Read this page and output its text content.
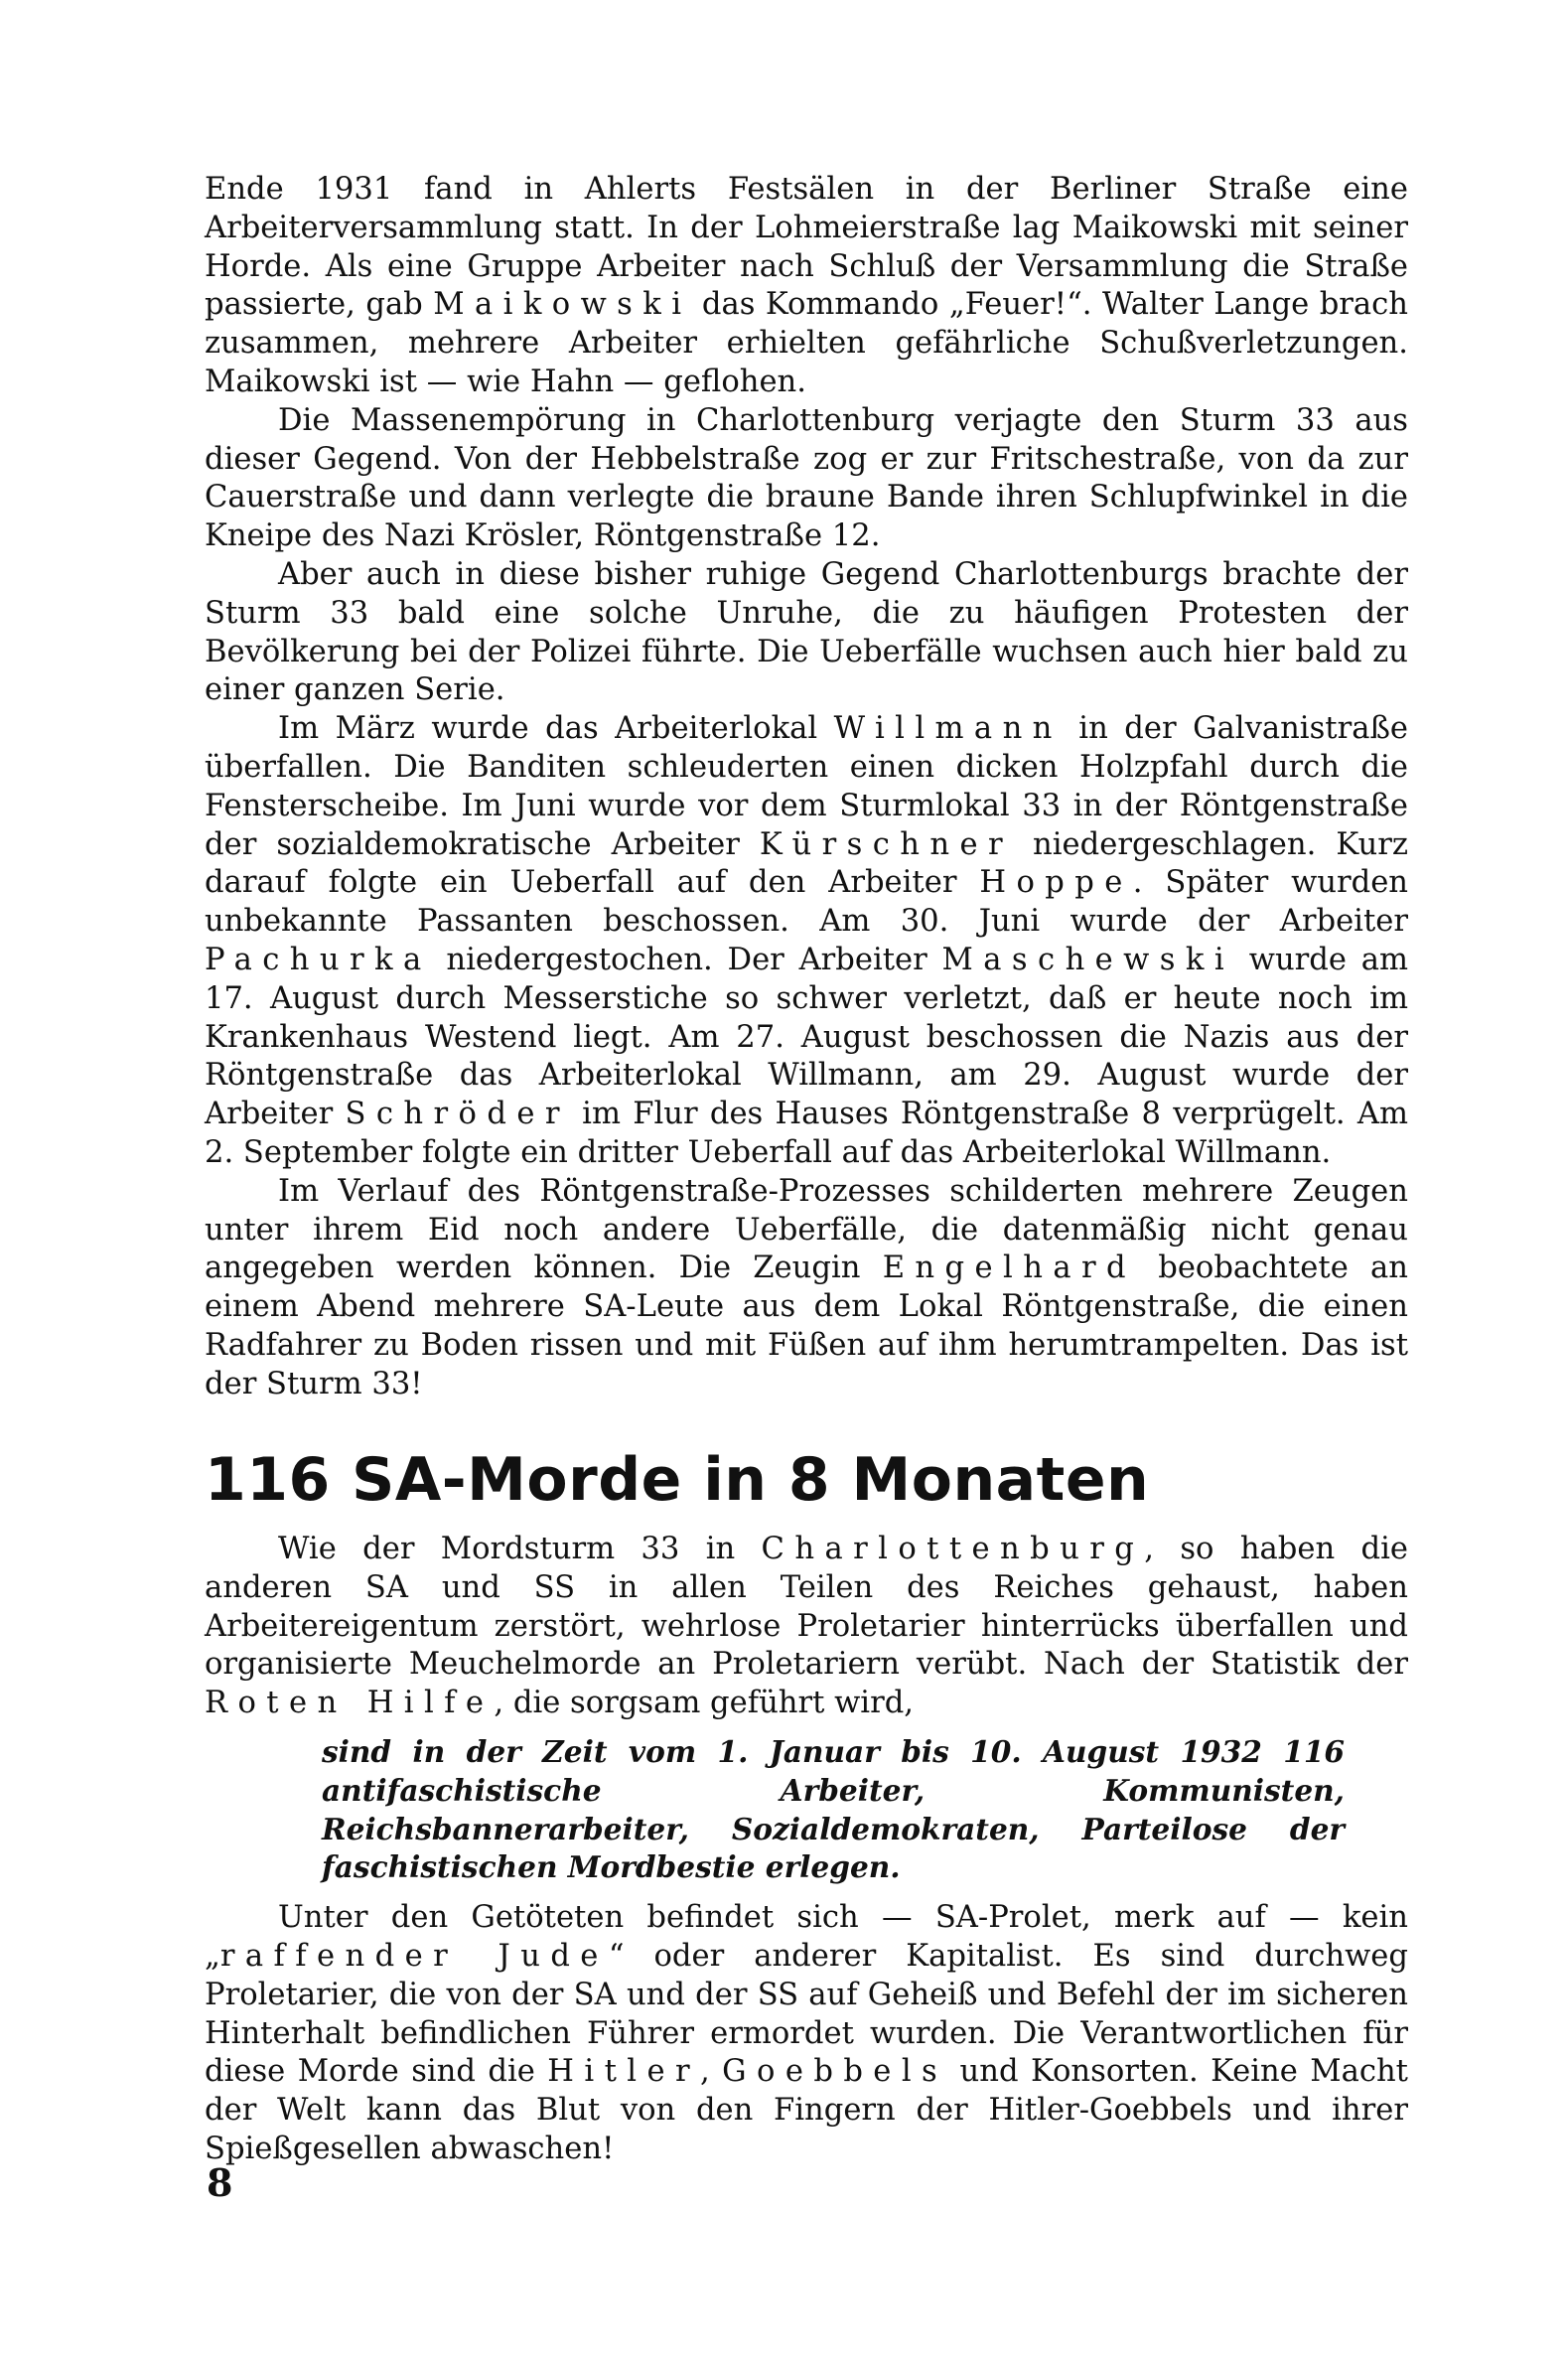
Ende 1931 fand in Ahlerts Festsälen in der Berliner Straße eine Arbeiterversammlung statt. In der Lohmeierstraße lag Maikowski mit seiner Horde. Als eine Gruppe Arbeiter nach Schluß der Versammlung die Straße passierte, gab Maikowski das Kommando „Feuer!“. Walter Lange brach zusammen, mehrere Arbeiter erhielten gefährliche Schußverletzungen. Maikowski ist — wie Hahn — geflohen.

Die Massenempörung in Charlottenburg verjagte den Sturm 33 aus dieser Gegend. Von der Hebbelstraße zog er zur Fritschestraße, von da zur Cauerstraße und dann verlegte die braune Bande ihren Schlupfwinkel in die Kneipe des Nazi Krösler, Röntgenstraße 12.

Aber auch in diese bisher ruhige Gegend Charlottenburgs brachte der Sturm 33 bald eine solche Unruhe, die zu häufigen Protesten der Bevölkerung bei der Polizei führte. Die Ueberfälle wuchsen auch hier bald zu einer ganzen Serie.

Im März wurde das Arbeiterlokal Willmann in der Galvanistraße überfallen. Die Banditen schleuderten einen dicken Holzpfahl durch die Fensterscheibe. Im Juni wurde vor dem Sturmlokal 33 in der Röntgenstraße der sozialdemokratische Arbeiter Kürschner niedergeschlagen. Kurz darauf folgte ein Ueberfall auf den Arbeiter Hoppe. Später wurden unbekannte Passanten beschossen. Am 30. Juni wurde der Arbeiter Pachurka niedergestochen. Der Arbeiter Maschewski wurde am 17. August durch Messerstiche so schwer verletzt, daß er heute noch im Krankenhaus Westend liegt. Am 27. August beschossen die Nazis aus der Röntgenstraße das Arbeiterlokal Willmann, am 29. August wurde der Arbeiter Schröder im Flur des Hauses Röntgenstraße 8 verprügelt. Am 2. September folgte ein dritter Ueberfall auf das Arbeiterlokal Willmann.

Im Verlauf des Röntgenstraße-Prozesses schilderten mehrere Zeugen unter ihrem Eid noch andere Ueberfälle, die datenmäßig nicht genau angegeben werden können. Die Zeugin Engelhard beobachtete an einem Abend mehrere SA-Leute aus dem Lokal Röntgenstraße, die einen Radfahrer zu Boden rissen und mit Füßen auf ihm herumtrampelten. Das ist der Sturm 33!

116 SA-Morde in 8 Monaten

Wie der Mordsturm 33 in Charlottenburg, so haben die anderen SA und SS in allen Teilen des Reiches gehaust, haben Arbeitereigentum zerstört, wehrlose Proletarier hinterrücks überfallen und organisierte Meuchelmorde an Proletariern verübt. Nach der Statistik der Roten Hilfe, die sorgsam geführt wird,

sind in der Zeit vom 1. Januar bis 10. August 1932 116 antifaschistische Arbeiter, Kommunisten, Reichsbannerarbeiter, Sozialdemokraten, Parteilose der faschistischen Mordbestie erlegen.

Unter den Getöteten befindet sich — SA-Prolet, merk auf — kein „raffender Jude“ oder anderer Kapitalist. Es sind durchweg Proletarier, die von der SA und der SS auf Geheiß und Befehl der im sicheren Hinterhalt befindlichen Führer ermordet wurden. Die Verantwortlichen für diese Morde sind die Hitler, Goebbels und Konsorten. Keine Macht der Welt kann das Blut von den Fingern der Hitler-Goebbels und ihrer Spießgesellen abwaschen!

8
